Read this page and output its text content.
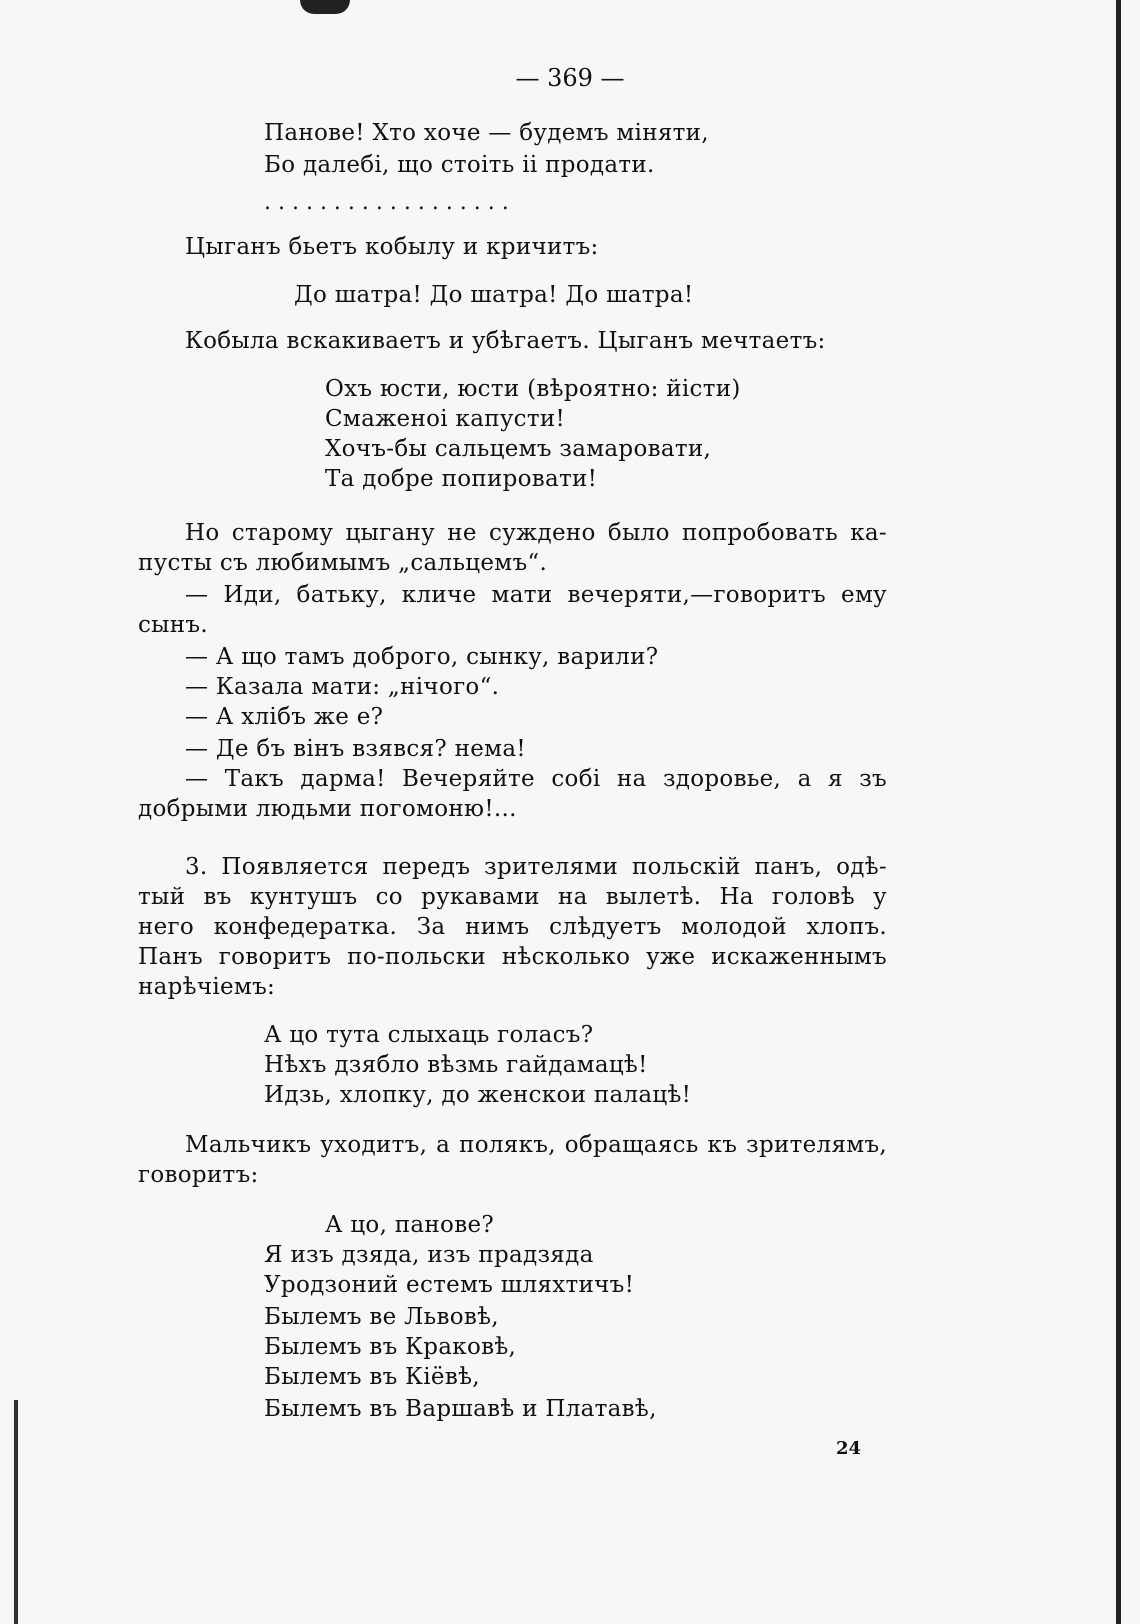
— 369 —
Панове! Хто хоче — будемъ міняти,
Бо далебі, що стоіть іі продати.
. . . . . . . . . . . . . . . . . .
Цыганъ бьетъ кобылу и кричитъ:
До шатра! До шатра! До шатра!
Кобыла вскакиваетъ и убѣгаетъ. Цыганъ мечтаетъ:
Охъ юсти, юсти (вѣроятно: йісти)
Смаженоі капусти!
Хочъ-бы сальцемъ замаровати,
Та добре попировати!
Но старому цыгану не суждено было попробовать ка-
пусты съ любимымъ „сальцемъ“.
— Иди, батьку, кличе мати вечеряти,—говоритъ ему
сынъ.
— А що тамъ доброго, сынку, варили?
— Казала мати: „нічого“.
— А хлібъ же е?
— Де бъ вінъ взявся? нема!
— Такъ дарма! Вечеряйте собі на здоровье, а я зъ
добрыми людьми погомоню!...
3. Появляется передъ зрителями польскій панъ, одѣ-
тый въ кунтушъ со рукавами на вылетѣ. На головѣ у
него конфедератка. За нимъ слѣдуетъ молодой хлопъ.
Панъ говоритъ по-польски нѣсколько уже искаженнымъ
нарѣчіемъ:
А цо тута слыхаць голасъ?
Нѣхъ дзябло вѣзмь гайдамацѣ!
Идзь, хлопку, до женскои палацѣ!
Мальчикъ уходитъ, а полякъ, обращаясь къ зрителямъ,
говоритъ:
А цо, панове?
Я изъ дзяда, изъ прадзяда
Уродзоний естемъ шляхтичъ!
Былемъ ве Львовѣ,
Былемъ въ Краковѣ,
Былемъ въ Кіёвѣ,
Былемъ въ Варшавѣ и Платавѣ,
24
